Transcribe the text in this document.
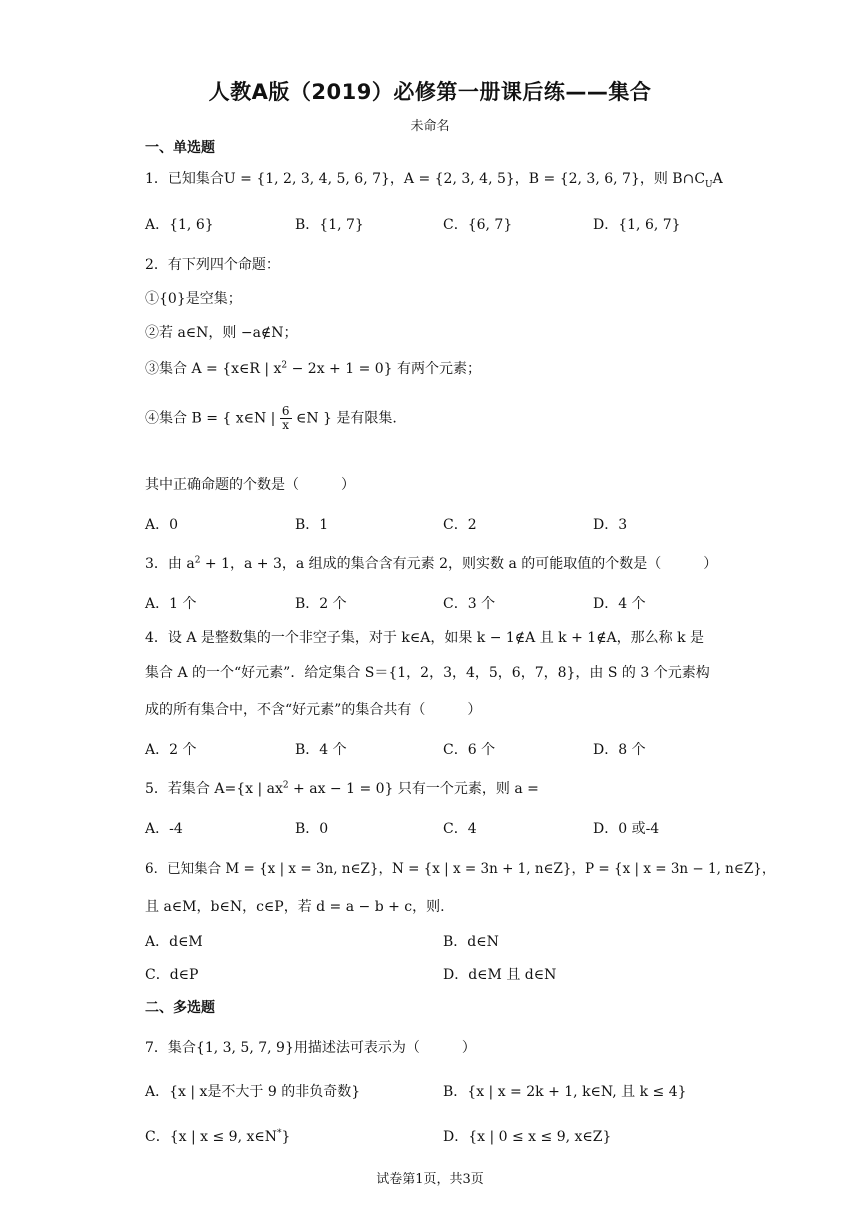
人教A版（2019）必修第一册课后练——集合
未命名
一、单选题
1．已知集合U = {1, 2, 3, 4, 5, 6, 7}，A = {2, 3, 4, 5}，B = {2, 3, 6, 7}，则 $B\cap C_UA$
A．{1, 6}	B．{1, 7}	C．{6, 7}	D．{1, 6, 7}
2．有下列四个命题：
①{0}是空集；
②若 a∈N，则 −a∉N；
③集合 A = {x∈R | $x^2 - 2x + 1 = 0$} 有两个元素；
④集合 B = { x∈N | $\frac{6}{x}$ ∈N } 是有限集.
其中正确命题的个数是（　　　）
A．0	B．1	C．2	D．3
3．由 $a^2 + 1$，a + 3，a 组成的集合含有元素 2，则实数 a 的可能取值的个数是（　　　）
A．1 个	B．2 个	C．3 个	D．4 个
4．设 A 是整数集的一个非空子集，对于 k∈A，如果 k − 1∉A 且 k + 1∉A，那么称 k 是
集合 A 的一个“好元素”．给定集合 S＝{1，2，3，4，5，6，7，8}，由 S 的 3 个元素构
成的所有集合中，不含“好元素”的集合共有（　　　）
A．2 个	B．4 个	C．6 个	D．8 个
5．若集合 A={x | $ax^2$ + ax − 1 = 0} 只有一个元素，则 a =
A．-4	B．0	C．4	D．0 或-4
6．已知集合 M = {x | x = 3n, n∈Z}，N = {x | x = 3n + 1, n∈Z}，P = {x | x = 3n − 1, n∈Z}，
且 a∈M，b∈N，c∈P，若 d = a − b + c，则.
A．d∈M	B．d∈N
C．d∈P	D．d∈M 且 d∈N
二、多选题
7．集合{1, 3, 5, 7, 9}用描述法可表示为（　　　）
A．{x | x是不大于 9 的非负奇数}	B．{x | x = 2k + 1, k∈N, 且 k ≤ 4}
C．{x | x ≤ 9, x∈N*}	D．{x | 0 ≤ x ≤ 9, x∈Z}
试卷第1页，共3页
